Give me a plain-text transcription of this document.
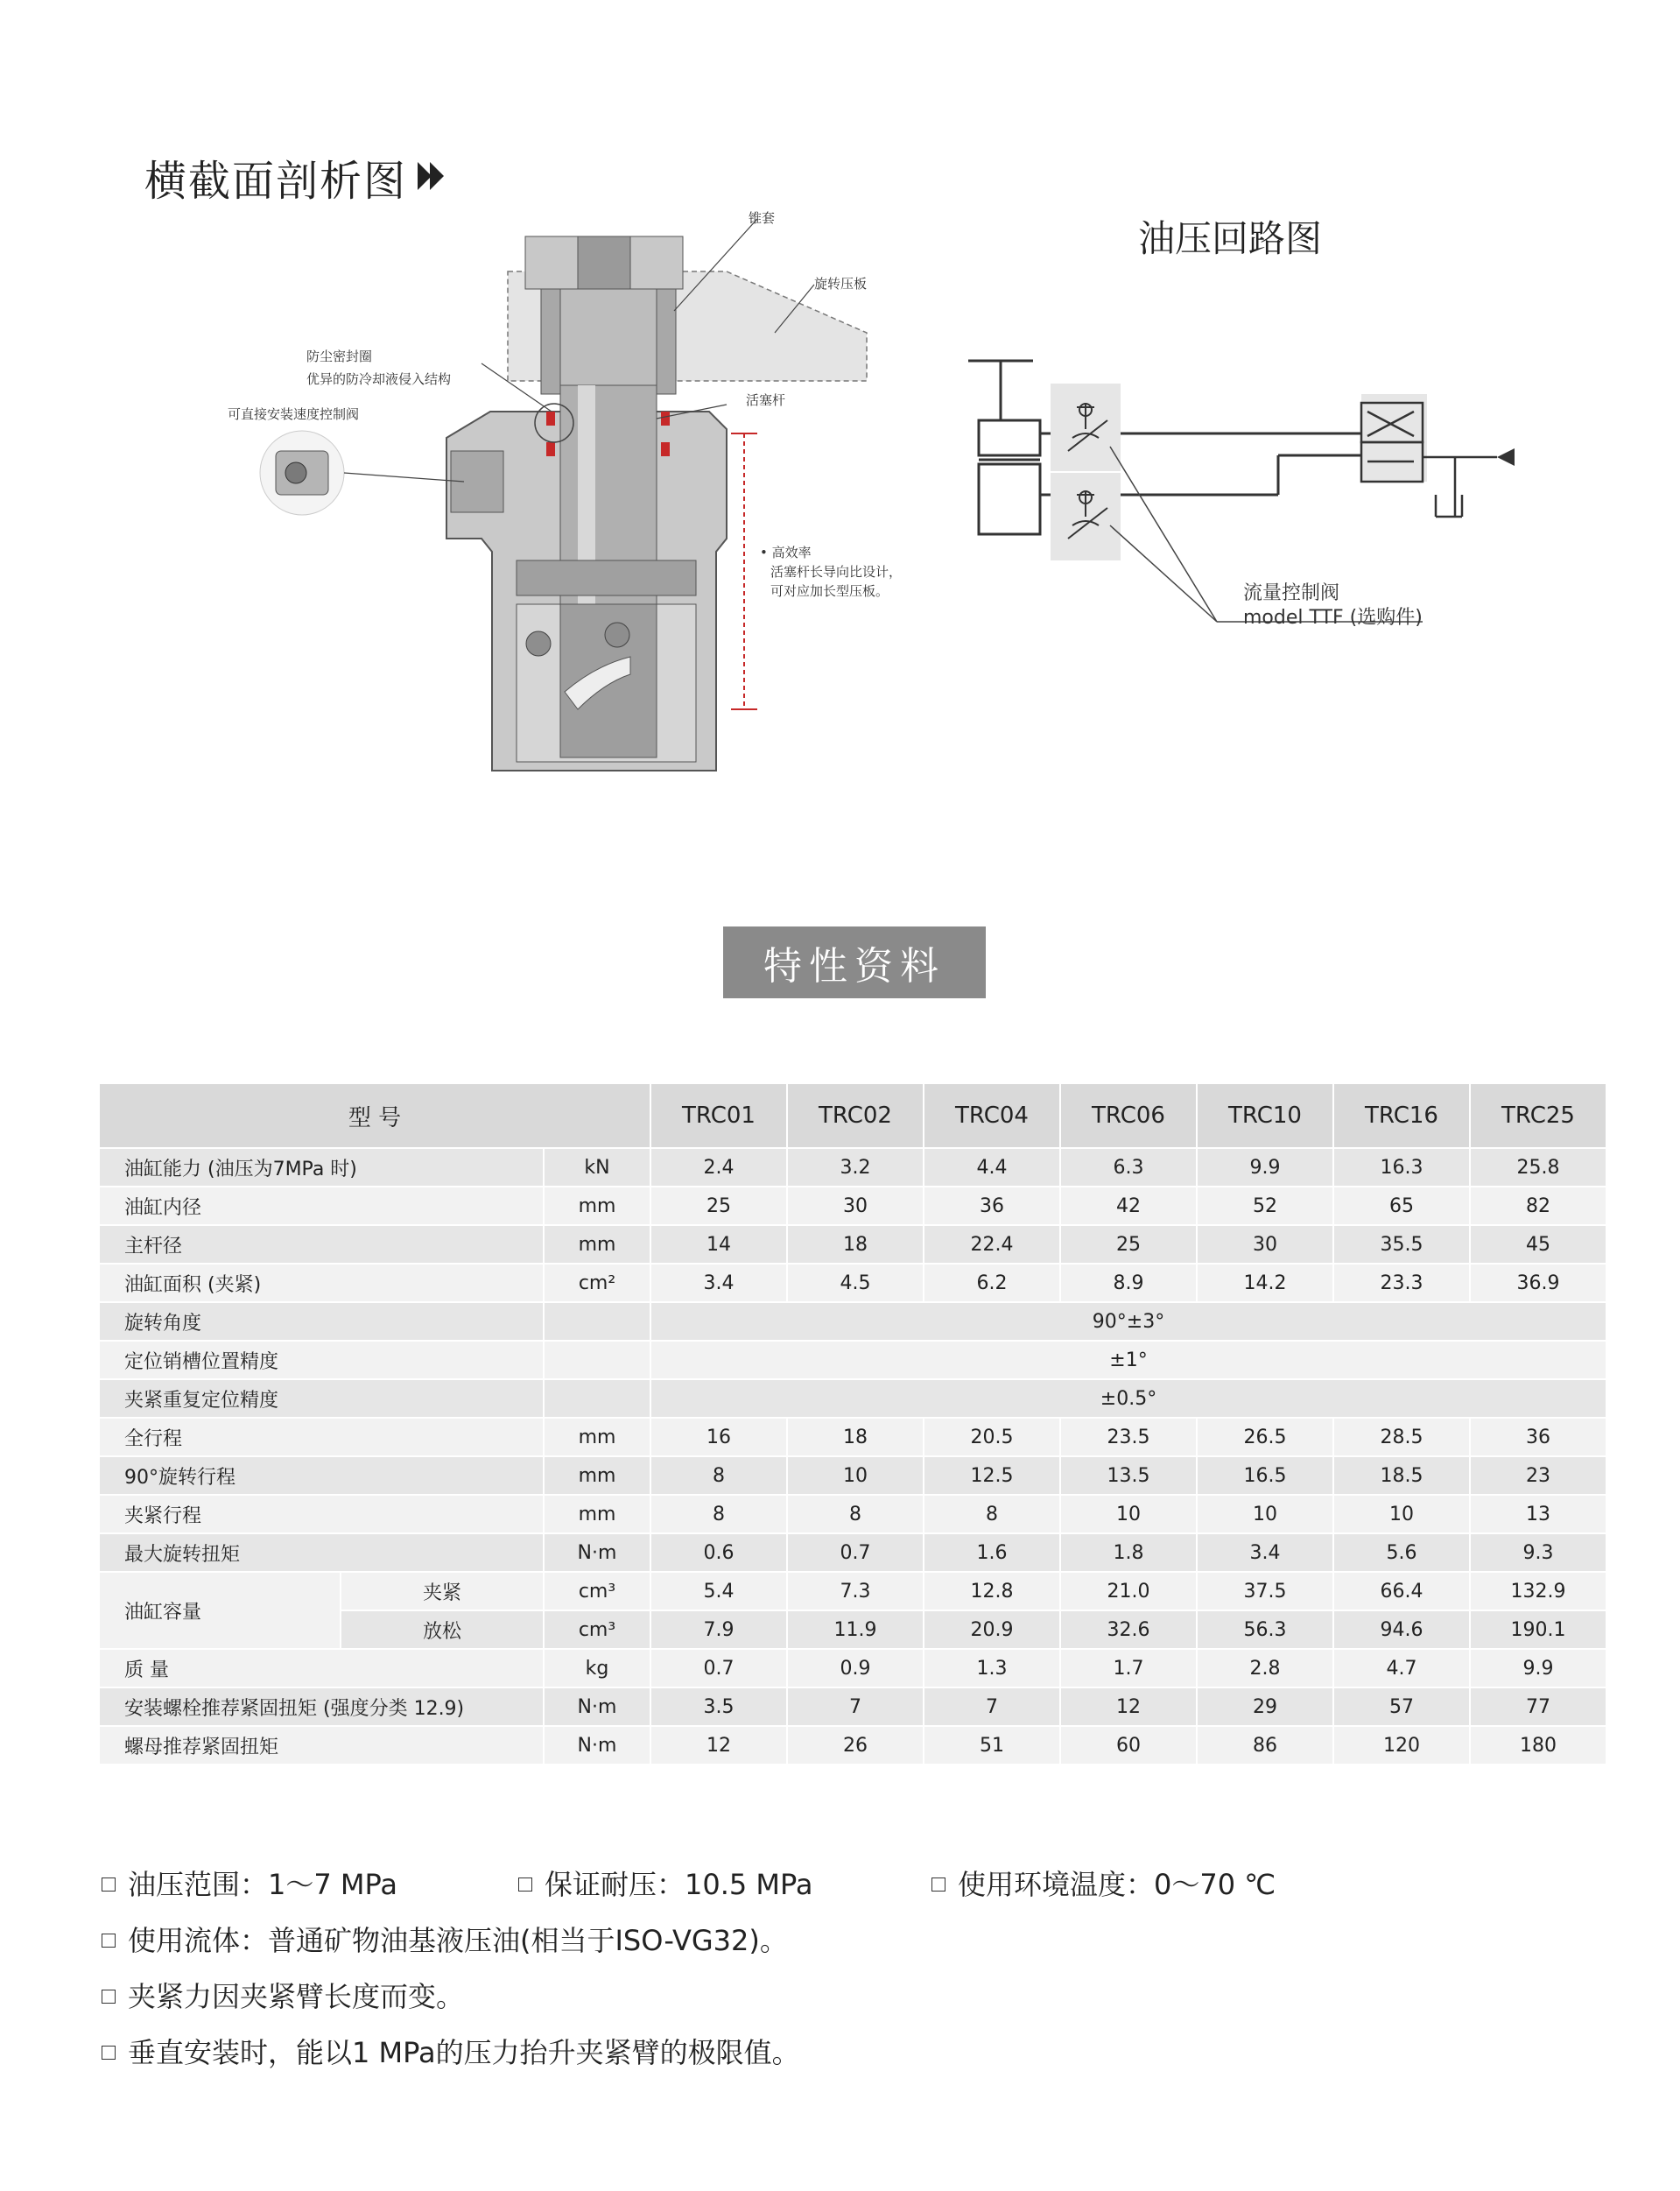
横截面剖析图
锥套
旋转压板
防尘密封圈
优异的防冷却液侵入结构
可直接安装速度控制阀
活塞杆
• 高效率
活塞杆长导向比设计，
可对应加长型压板。
油压回路图
流量控制阀
model TTF (选购件)
特性资料
型 号			TRC01	TRC02	TRC04	TRC06	TRC10	TRC16	TRC25
油缸能力 (油压为7MPa 时)		kN	2.4	3.2	4.4	6.3	9.9	16.3	25.8
油缸内径		mm	25	30	36	42	52	65	82
主杆径		mm	14	18	22.4	25	30	35.5	45
油缸面积 (夹紧)		cm²	3.4	4.5	6.2	8.9	14.2	23.3	36.9
旋转角度			90°±3°						
定位销槽位置精度			±1°						
夹紧重复定位精度			±0.5°						
全行程		mm	16	18	20.5	23.5	26.5	28.5	36
90°旋转行程		mm	8	10	12.5	13.5	16.5	18.5	23
夹紧行程		mm	8	8	8	10	10	10	13
最大旋转扭矩		N·m	0.6	0.7	1.6	1.8	3.4	5.6	9.3
油缸容量	夹紧	cm³	5.4	7.3	12.8	21.0	37.5	66.4	132.9
	放松	cm³	7.9	11.9	20.9	32.6	56.3	94.6	190.1
质 量		kg	0.7	0.9	1.3	1.7	2.8	4.7	9.9
安装螺栓推荐紧固扭矩 (强度分类 12.9)		N·m	3.5	7	7	12	29	57	77
螺母推荐紧固扭矩		N·m	12	26	51	60	86	120	180
油压范围：1～7 MPa	保证耐压：10.5 MPa	使用环境温度：0～70 ℃
使用流体：普通矿物油基液压油(相当于ISO-VG32)。
夹紧力因夹紧臂长度而变。
垂直安装时，能以1 MPa的压力抬升夹紧臂的极限值。
